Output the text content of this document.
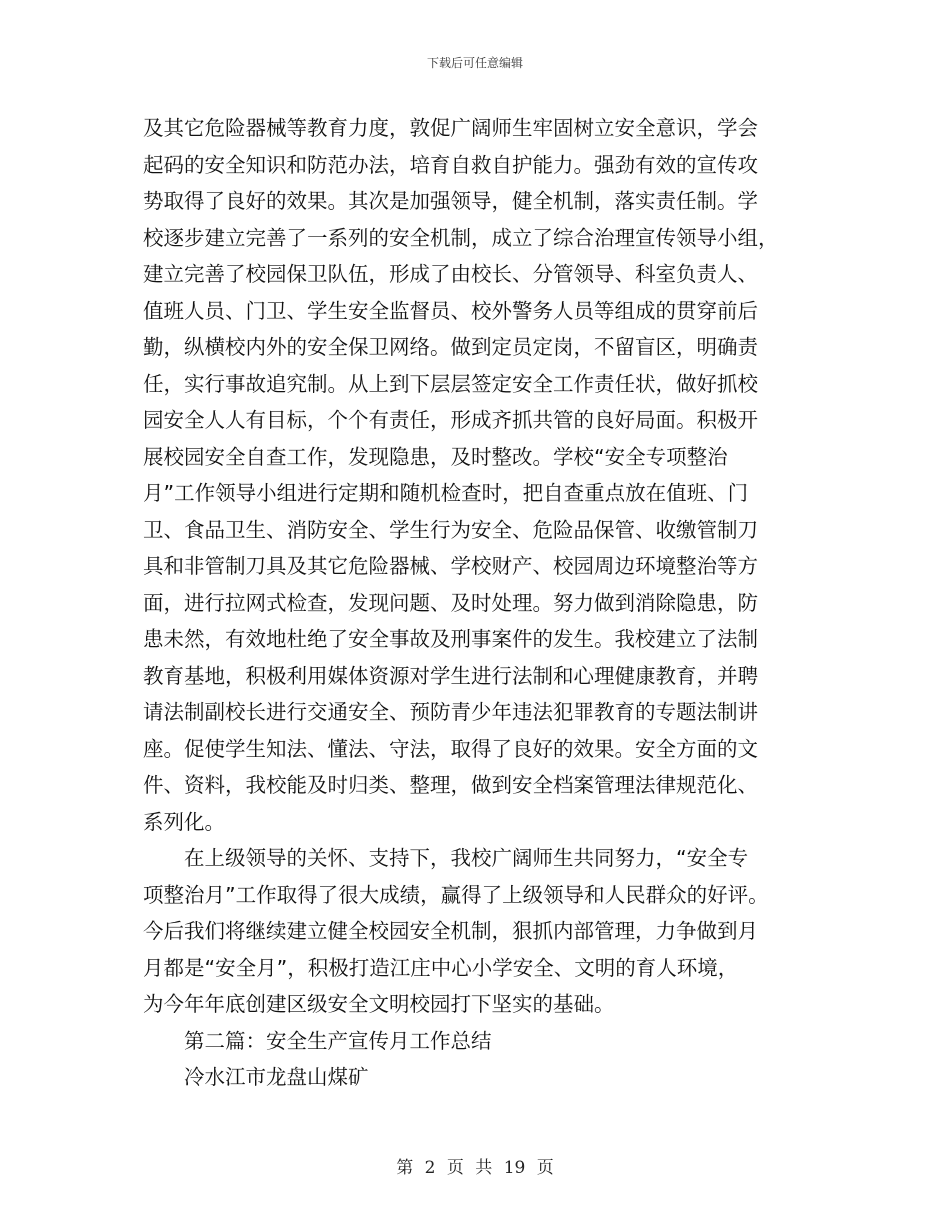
下载后可任意编辑
及其它危险器械等教育力度，敦促广阔师生牢固树立安全意识，学会
起码的安全知识和防范办法，培育自救自护能力。强劲有效的宣传攻
势取得了良好的效果。其次是加强领导，健全机制，落实责任制。学
校逐步建立完善了一系列的安全机制，成立了综合治理宣传领导小组，
建立完善了校园保卫队伍，形成了由校长、分管领导、科室负责人、
值班人员、门卫、学生安全监督员、校外警务人员等组成的贯穿前后
勤，纵横校内外的安全保卫网络。做到定员定岗，不留盲区，明确责
任，实行事故追究制。从上到下层层签定安全工作责任状，做好抓校
园安全人人有目标，个个有责任，形成齐抓共管的良好局面。积极开
展校园安全自查工作，发现隐患，及时整改。学校“安全专项整治
月”工作领导小组进行定期和随机检查时，把自查重点放在值班、门
卫、食品卫生、消防安全、学生行为安全、危险品保管、收缴管制刀
具和非管制刀具及其它危险器械、学校财产、校园周边环境整治等方
面，进行拉网式检查，发现问题、及时处理。努力做到消除隐患，防
患未然，有效地杜绝了安全事故及刑事案件的发生。我校建立了法制
教育基地，积极利用媒体资源对学生进行法制和心理健康教育，并聘
请法制副校长进行交通安全、预防青少年违法犯罪教育的专题法制讲
座。促使学生知法、懂法、守法，取得了良好的效果。安全方面的文
件、资料，我校能及时归类、整理，做到安全档案管理法律规范化、
系列化。
在上级领导的关怀、支持下，我校广阔师生共同努力，“安全专
项整治月”工作取得了很大成绩，赢得了上级领导和人民群众的好评。
今后我们将继续建立健全校园安全机制，狠抓内部管理，力争做到月
月都是“安全月”，积极打造江庄中心小学安全、文明的育人环境，
为今年年底创建区级安全文明校园打下坚实的基础。
第二篇：安全生产宣传月工作总结
冷水江市龙盘山煤矿
第 2 页 共 19 页
